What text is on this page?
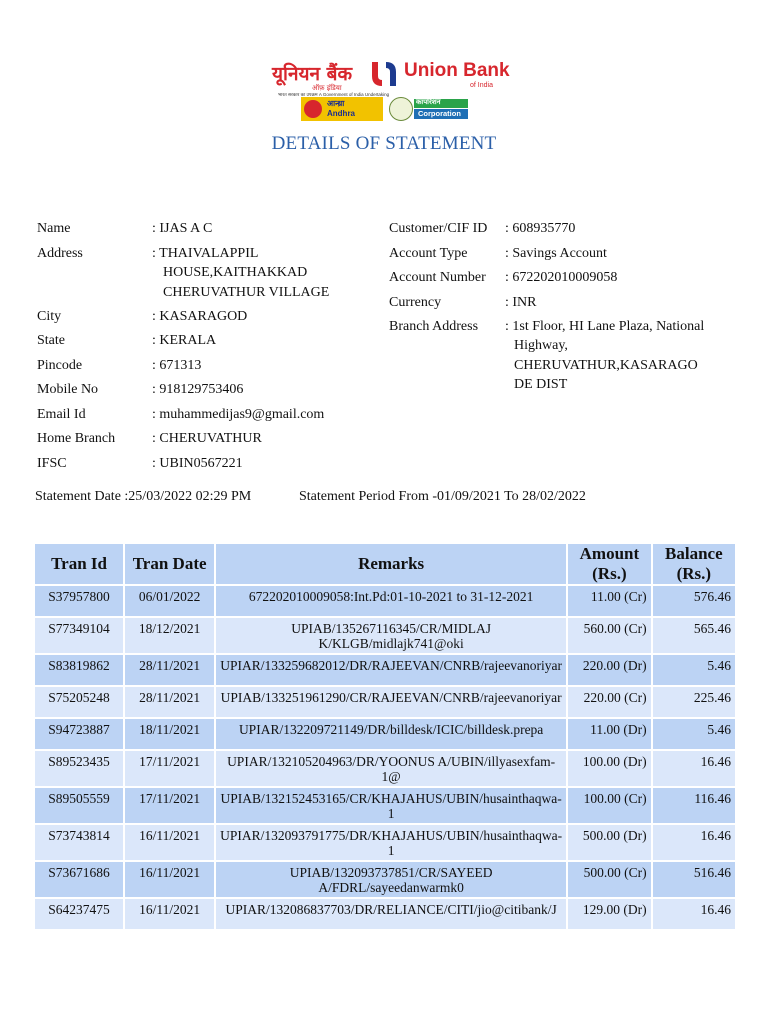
यूनियन बैंक
ऑफ़ इंडिया
Union Bank
of India
भारत सरकार का उपक्रम A Government of India Undertaking
आन्ध्रा
Andhra
कार्पोरेशन
Corporation
DETAILS OF STATEMENT
Name	: IJAS A C
Address	: THAIVALAPPIL
HOUSE,KAITHAKKAD
CHERUVATHUR VILLAGE
City	: KASARAGOD
State	: KERALA
Pincode	: 671313
Mobile No	: 918129753406
Email Id	: muhammedijas9@gmail.com
Home Branch	: CHERUVATHUR
IFSC	: UBIN0567221
Customer/CIF ID : 608935770
Account Type	: Savings Account
Account Number : 672202010009058
Currency	: INR
Branch Address : 1st Floor, HI Lane Plaza, National
Highway,
CHERUVATHUR,KASARAGO
DE DIST
Statement Date :25/03/2022 02:29 PM	Statement Period From -01/09/2021 To 28/02/2022
Tran Id	Tran Date	Remarks	Amount (Rs.)	Balance (Rs.)
S37957800	06/01/2022	672202010009058:Int.Pd:01-10-2021 to 31-12-2021	11.00 (Cr)	576.46
S77349104	18/12/2021	UPIAB/135267116345/CR/MIDLAJ K/KLGB/midlajk741@oki	560.00 (Cr)	565.46
S83819862	28/11/2021	UPIAR/133259682012/DR/RAJEEVAN/CNRB/rajeevanoriyar	220.00 (Dr)	5.46
S75205248	28/11/2021	UPIAB/133251961290/CR/RAJEEVAN/CNRB/rajeevanoriyar	220.00 (Cr)	225.46
S94723887	18/11/2021	UPIAR/132209721149/DR/billdesk/ICIC/billdesk.prepa	11.00 (Dr)	5.46
S89523435	17/11/2021	UPIAR/132105204963/DR/YOONUS A/UBIN/illyasexfam-1@	100.00 (Dr)	16.46
S89505559	17/11/2021	UPIAB/132152453165/CR/KHAJAHUS/UBIN/husainthaqwa-1	100.00 (Cr)	116.46
S73743814	16/11/2021	UPIAR/132093791775/DR/KHAJAHUS/UBIN/husainthaqwa-1	500.00 (Dr)	16.46
S73671686	16/11/2021	UPIAB/132093737851/CR/SAYEED A/FDRL/sayeedanwarmk0	500.00 (Cr)	516.46
S64237475	16/11/2021	UPIAR/132086837703/DR/RELIANCE/CITI/jio@citibank/J	129.00 (Dr)	16.46
